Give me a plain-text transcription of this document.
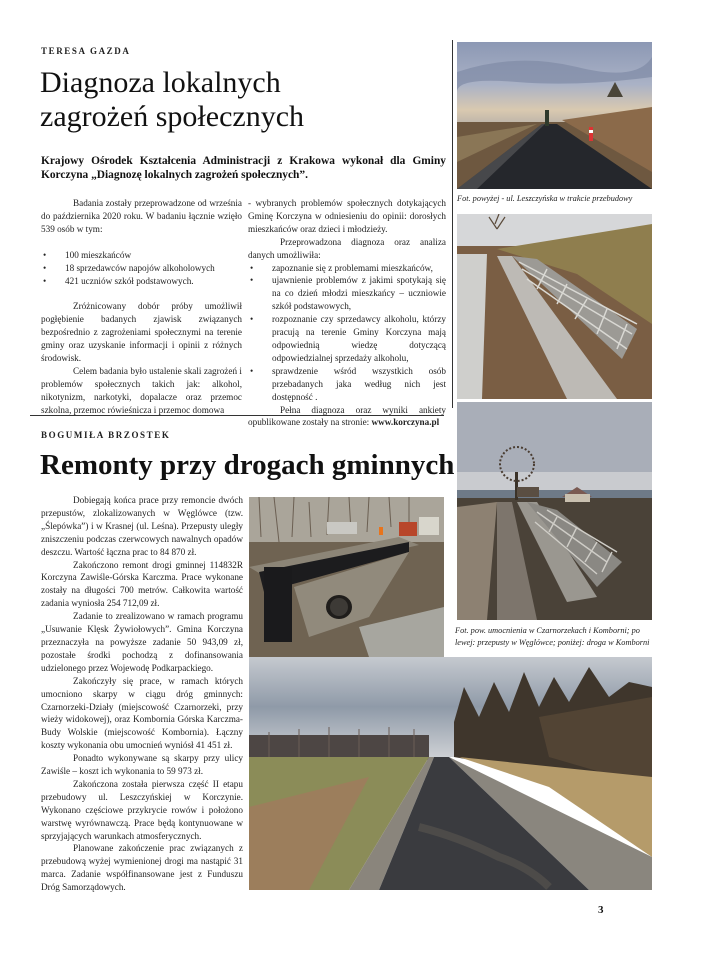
TERESA GAZDA
Diagnoza lokalnych
zagrożeń społecznych
Krajowy Ośrodek Kształcenia Administracji z Krakowa wykonał dla Gminy Korczyna „Diagnozę lokalnych zagrożeń społecznych”.

Badania zostały przeprowadzone od września do października 2020 roku. W badaniu łącznie wzięło 539 osób w tym:

• 100 mieszkańców
• 18 sprzedawców napojów alkoholowych
• 421 uczniów szkół podstawowych.

Zróżnicowany dobór próby umożliwił pogłębienie badanych zjawisk związanych bezpośrednio z zagrożeniami społecznymi na terenie gminy oraz uzyskanie informacji i opinii z różnych środowisk.

Celem badania było ustalenie skali zagrożeń i problemów społecznych takich jak: alkohol, nikotynizm, narkotyki, dopalacze oraz przemoc szkolna, przemoc rówieśnicza i przemoc domowa

- wybranych problemów społecznych dotykających Gminę Korczyna w odniesieniu do opinii: dorosłych mieszkańców oraz dzieci i młodzieży.

Przeprowadzona diagnoza oraz analiza danych umożliwiła:

• zapoznanie się z problemami mieszkańców,
• ujawnienie problemów z jakimi spotykają się na co dzień młodzi mieszkańcy – uczniowie szkół podstawowych,
• rozpoznanie czy sprzedawcy alkoholu, którzy pracują na terenie Gminy Korczyna mają odpowiednią wiedzę dotyczącą odpowiedzialnej sprzedaży alkoholu,
• sprawdzenie wśród wszystkich osób przebadanych jaka według nich jest dostępność .

Pełna diagnoza oraz wyniki ankiety opublikowane zostały na stronie: www.korczyna.pl

BOGUMIŁA BRZOSTEK
Remonty przy drogach gminnych

Dobiegają końca prace przy remoncie dwóch przepustów, zlokalizowanych w Węglówce (tzw. „Ślepówka”) i w Krasnej (ul. Leśna). Przepusty uległy zniszczeniu podczas czerwcowych nawalnych opadów deszczu. Wartość łączna prac to 84 870 zł.

Zakończono remont drogi gminnej 114832R Korczyna Zawiśle-Górska Karczma. Prace wykonane zostały na długości 700 metrów. Całkowita wartość zadania wyniosła 254 712,09 zł.

Zadanie to zrealizowano w ramach programu „Usuwanie Klęsk Żywiołowych”. Gmina Korczyna przeznaczyła na powyższe zadanie 50 943,09 zł, pozostałe środki pochodzą z dofinansowania udzielonego przez Wojewodę Podkarpackiego.

Zakończyły się prace, w ramach których umocniono skarpy w ciągu dróg gminnych: Czarnorzeki-Działy (miejscowość Czarnorzeki, przy wieży widokowej), oraz Kombornia Górska Karczma-Budy Wolskie (miejscowość Kombornia). Łączny koszty wykonania obu umocnień wyniósł 41 451 zł.

Ponadto wykonywane są skarpy przy ulicy Zawiśle – koszt ich wykonania to 59 973 zł.

Zakończona została pierwsza część II etapu przebudowy ul. Leszczyńskiej w Korczynie. Wykonano częściowe przykrycie rowów i położono warstwę wyrównawczą. Prace będą kontynuowane w sprzyjających warunkach atmosferycznych.

Planowane zakończenie prac związanych z przebudową wyżej wymienionej drogi ma nastąpić 31 marca. Zadanie współfinansowane jest z Funduszu Dróg Samorządowych.

Fot. powyżej - ul. Leszczyńska w trakcie przebudowy
Fot. pow. umocnienia w Czarnorzekach i Komborni; po lewej: przepusty w Węglówce; poniżej: droga w Komborni
3
